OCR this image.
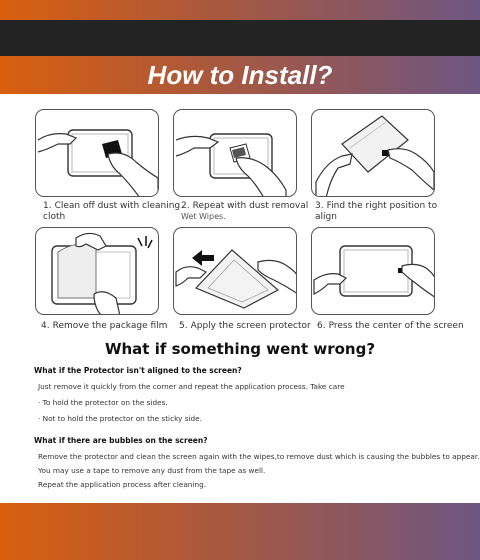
How to Install?
1. Clean off dust with cleaning cloth
2. Repeat with dust removal
Wet Wipes.
3. Find the right position to align
4. Remove the package film	5. Apply the screen protector 6. Press the center of the screen
What if something went wrong?
What if the Protector isn't aligned to the screen?
Just remove it quickly from the corner and repeat the application process. Take care
· To hold the protector on the sides.
· Not to hold the protector on the sticky side.
What if there are bubbles on the screen?
Remove the protector and clean the screen again with the wipes,to remove dust which is causing the bubbles to appear.
You may use a tape to remove any dust from the tape as well.
Repeat the application process after cleaning.
